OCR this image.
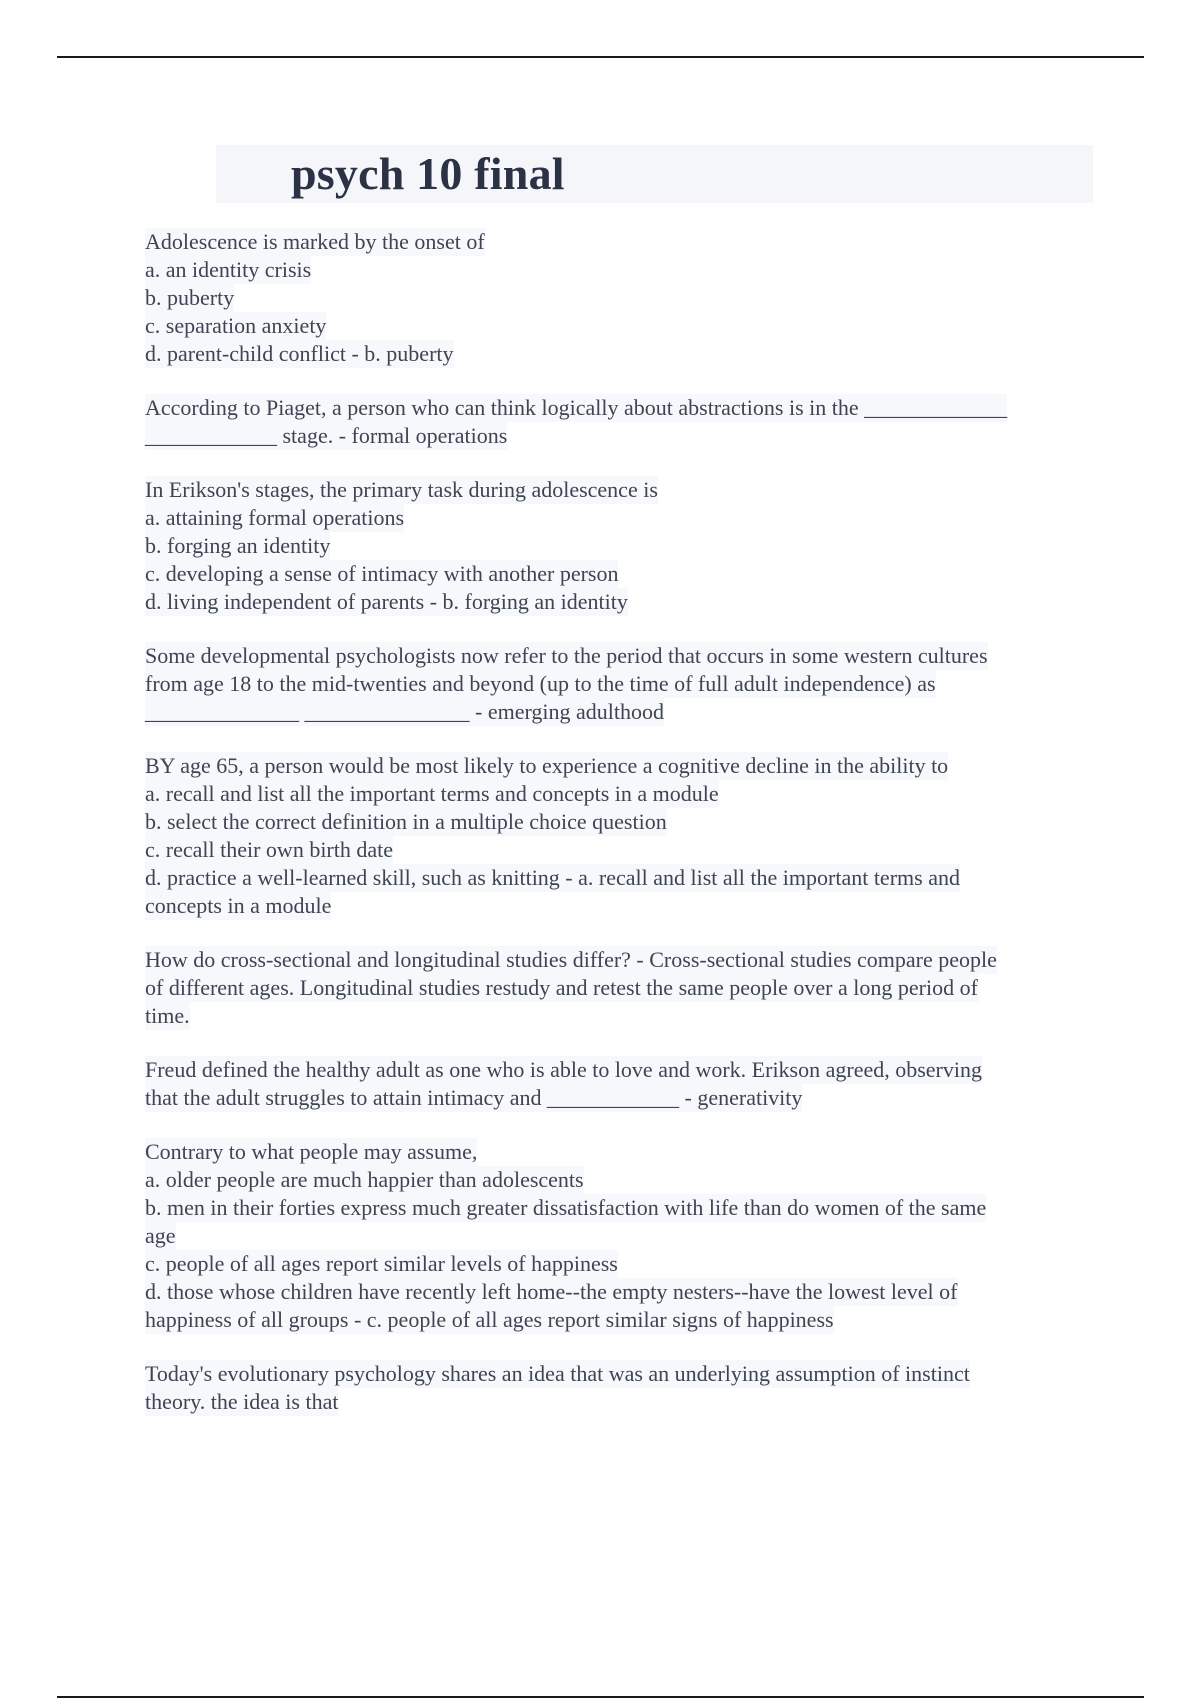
psych 10 final
Adolescence is marked by the onset of
a. an identity crisis
b. puberty
c. separation anxiety
d. parent-child conflict - b. puberty
According to Piaget, a person who can think logically about abstractions is in the _____________
____________ stage. - formal operations
In Erikson's stages, the primary task during adolescence is
a. attaining formal operations
b. forging an identity
c. developing a sense of intimacy with another person
d. living independent of parents - b. forging an identity
Some developmental psychologists now refer to the period that occurs in some western cultures
from age 18 to the mid-twenties and beyond (up to the time of full adult independence) as
______________ _______________ - emerging adulthood
BY age 65, a person would be most likely to experience a cognitive decline in the ability to
a. recall and list all the important terms and concepts in a module
b. select the correct definition in a multiple choice question
c. recall their own birth date
d. practice a well-learned skill, such as knitting - a. recall and list all the important terms and
concepts in a module
How do cross-sectional and longitudinal studies differ? - Cross-sectional studies compare people
of different ages. Longitudinal studies restudy and retest the same people over a long period of
time.
Freud defined the healthy adult as one who is able to love and work. Erikson agreed, observing
that the adult struggles to attain intimacy and ____________ - generativity
Contrary to what people may assume,
a. older people are much happier than adolescents
b. men in their forties express much greater dissatisfaction with life than do women of the same
age
c. people of all ages report similar levels of happiness
d. those whose children have recently left home--the empty nesters--have the lowest level of
happiness of all groups - c. people of all ages report similar signs of happiness
Today's evolutionary psychology shares an idea that was an underlying assumption of instinct
theory. the idea is that
